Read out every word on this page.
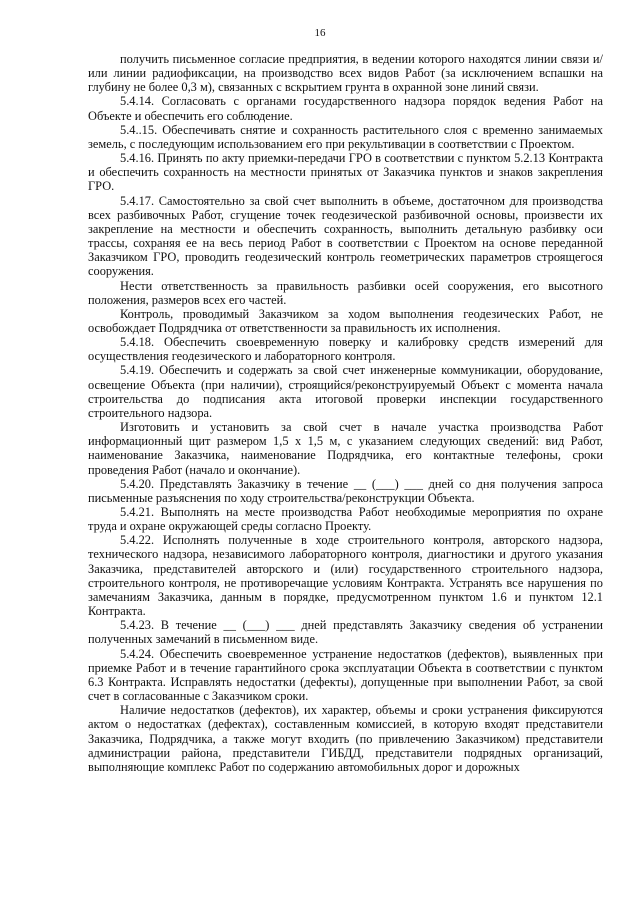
16

получить письменное согласие предприятия, в ведении которого находятся линии связи и/или линии радиофиксации, на производство всех видов Работ (за исключением вспашки на глубину не более 0,3 м), связанных с вскрытием грунта в охранной зоне линий связи.

5.4.14. Согласовать с органами государственного надзора порядок ведения Работ на Объекте и обеспечить его соблюдение.

5.4..15. Обеспечивать снятие и сохранность растительного слоя с временно занимаемых земель, с последующим использованием его при рекультивации в соответствии с Проектом.

5.4.16. Принять по акту приемки-передачи ГРО в соответствии с пунктом 5.2.13 Контракта и обеспечить сохранность на местности принятых от Заказчика пунктов и знаков закрепления ГРО.

5.4.17. Самостоятельно за свой счет выполнить в объеме, достаточном для производства всех разбивочных Работ, сгущение точек геодезической разбивочной основы, произвести их закрепление на местности и обеспечить сохранность, выполнить детальную разбивку оси трассы, сохраняя ее на весь период Работ в соответствии с Проектом на основе переданной Заказчиком ГРО, проводить геодезический контроль геометрических параметров строящегося сооружения.

Нести ответственность за правильность разбивки осей сооружения, его высотного положения, размеров всех его частей.

Контроль, проводимый Заказчиком за ходом выполнения геодезических Работ, не освобождает Подрядчика от ответственности за правильность их исполнения.

5.4.18. Обеспечить своевременную поверку и калибровку средств измерений для осуществления геодезического и лабораторного контроля.

5.4.19. Обеспечить и содержать за свой счет инженерные коммуникации, оборудование, освещение Объекта (при наличии), строящийся/реконструируемый Объект с момента начала строительства до подписания акта итоговой проверки инспекции государственного строительного надзора.

Изготовить и установить за свой счет в начале участка производства Работ информационный щит размером 1,5 х 1,5 м, с указанием следующих сведений: вид Работ, наименование Заказчика, наименование Подрядчика, его контактные телефоны, сроки проведения Работ (начало и окончание).

5.4.20. Представлять Заказчику в течение __ (___) ___ дней со дня получения запроса письменные разъяснения по ходу строительства/реконструкции Объекта.

5.4.21. Выполнять на месте производства Работ необходимые мероприятия по охране труда и охране окружающей среды согласно Проекту.

5.4.22. Исполнять полученные в ходе строительного контроля, авторского надзора, технического надзора, независимого лабораторного контроля, диагностики и другого указания Заказчика, представителей авторского и (или) государственного строительного надзора, строительного контроля, не противоречащие условиям Контракта. Устранять все нарушения по замечаниям Заказчика, данным в порядке, предусмотренном пунктом 1.6 и пунктом 12.1 Контракта.

5.4.23. В течение __ (___) ___ дней представлять Заказчику сведения об устранении полученных замечаний в письменном виде.

5.4.24. Обеспечить своевременное устранение недостатков (дефектов), выявленных при приемке Работ и в течение гарантийного срока эксплуатации Объекта в соответствии с пунктом 6.3 Контракта. Исправлять недостатки (дефекты), допущенные при выполнении Работ, за свой счет в согласованные с Заказчиком сроки.

Наличие недостатков (дефектов), их характер, объемы и сроки устранения фиксируются актом о недостатках (дефектах), составленным комиссией, в которую входят представители Заказчика, Подрядчика, а также могут входить (по привлечению Заказчиком) представители администрации района, представители ГИБДД, представители подрядных организаций, выполняющие комплекс Работ по содержанию автомобильных дорог и дорожных
